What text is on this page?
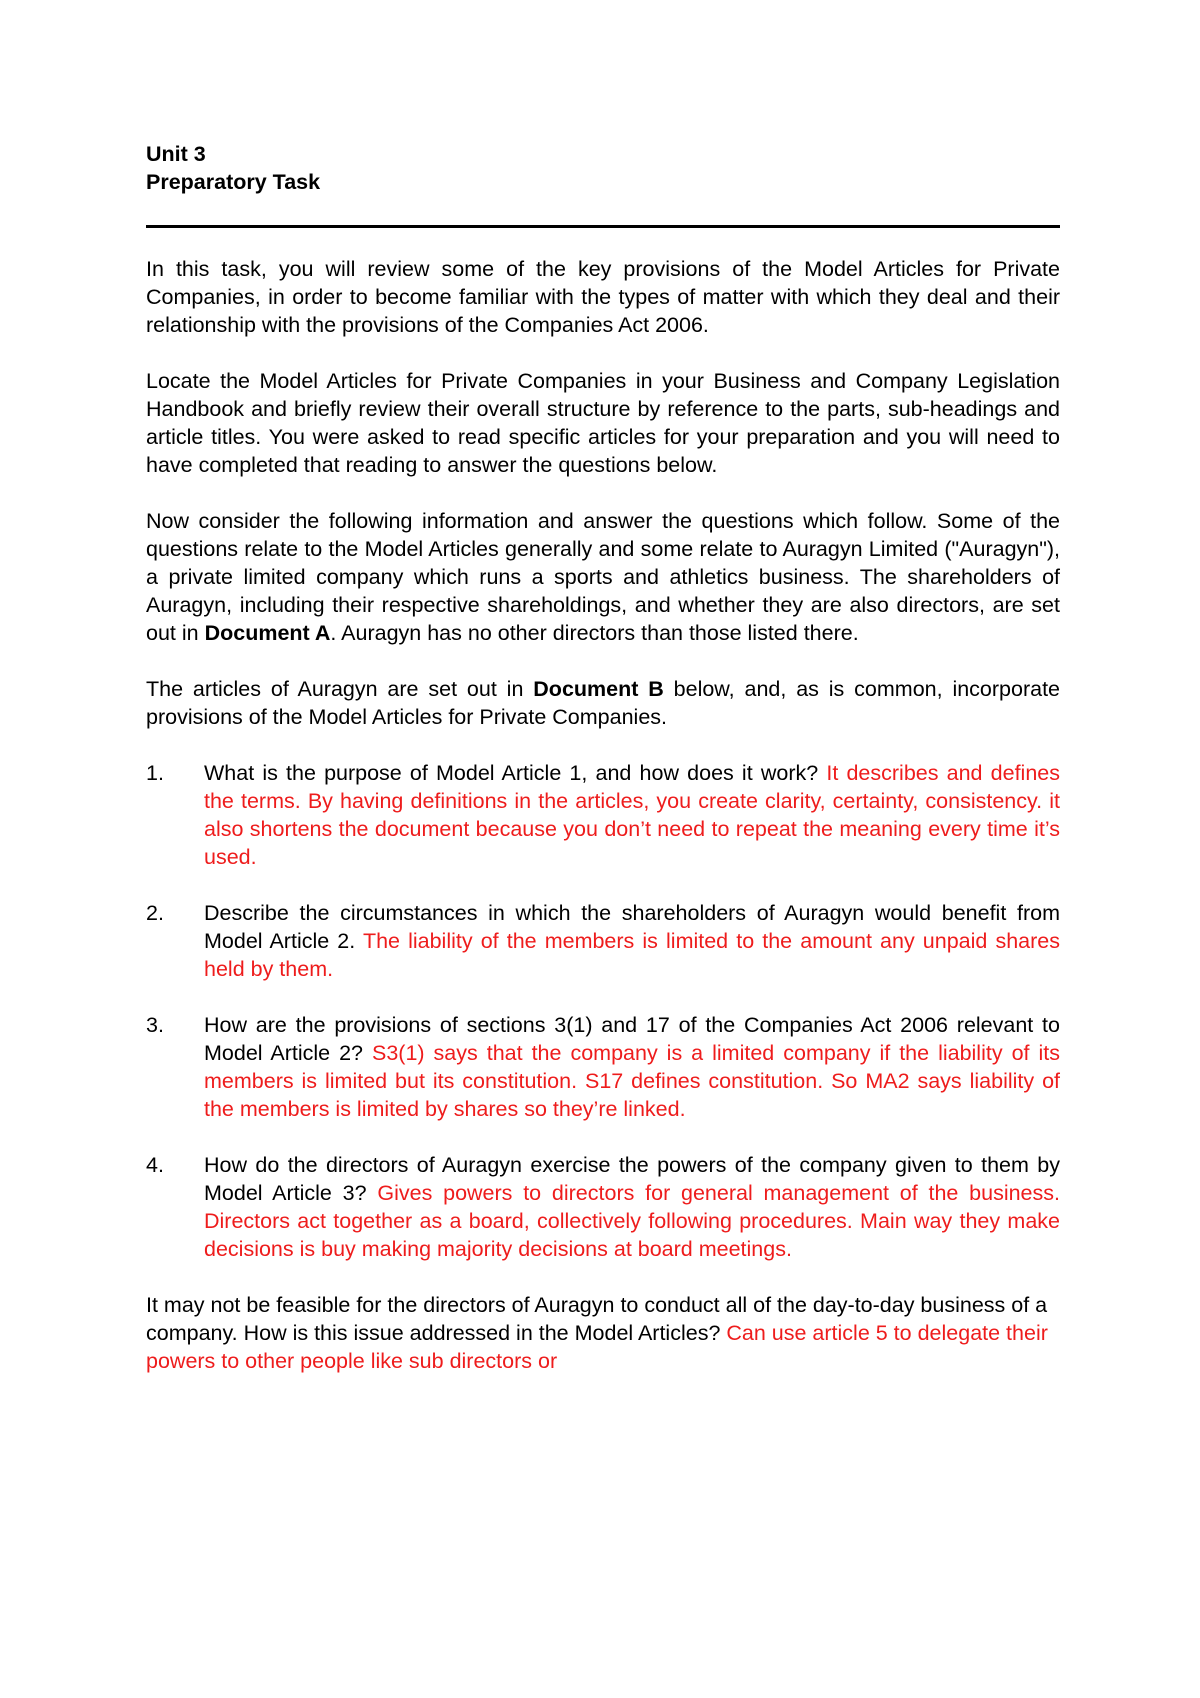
Unit 3

Preparatory Task

In this task, you will review some of the key provisions of the Model Articles for Private Companies, in order to become familiar with the types of matter with which they deal and their relationship with the provisions of the Companies Act 2006.

Locate the Model Articles for Private Companies in your Business and Company Legislation Handbook and briefly review their overall structure by reference to the parts, sub-headings and article titles. You were asked to read specific articles for your preparation and you will need to have completed that reading to answer the questions below.

Now consider the following information and answer the questions which follow. Some of the questions relate to the Model Articles generally and some relate to Auragyn Limited ("Auragyn"), a private limited company which runs a sports and athletics business. The shareholders of Auragyn, including their respective shareholdings, and whether they are also directors, are set out in Document A. Auragyn has no other directors than those listed there.

The articles of Auragyn are set out in Document B below, and, as is common, incorporate provisions of the Model Articles for Private Companies.

1.	What is the purpose of Model Article 1, and how does it work? It describes and defines the terms. By having definitions in the articles, you create clarity, certainty, consistency. it also shortens the document because you don’t need to repeat the meaning every time it’s used.
2.	Describe the circumstances in which the shareholders of Auragyn would benefit from Model Article 2. The liability of the members is limited to the amount any unpaid shares held by them.
3.	How are the provisions of sections 3(1) and 17 of the Companies Act 2006 relevant to Model Article 2? S3(1) says that the company is a limited company if the liability of its members is limited but its constitution. S17 defines constitution. So MA2 says liability of the members is limited by shares so they’re linked.
4.	How do the directors of Auragyn exercise the powers of the company given to them by Model Article 3? Gives powers to directors for general management of the business. Directors act together as a board, collectively following procedures. Main way they make decisions is buy making majority decisions at board meetings.

It may not be feasible for the directors of Auragyn to conduct all of the day-to-day business of a company. How is this issue addressed in the Model Articles? Can use article 5 to delegate their powers to other people like sub directors or
